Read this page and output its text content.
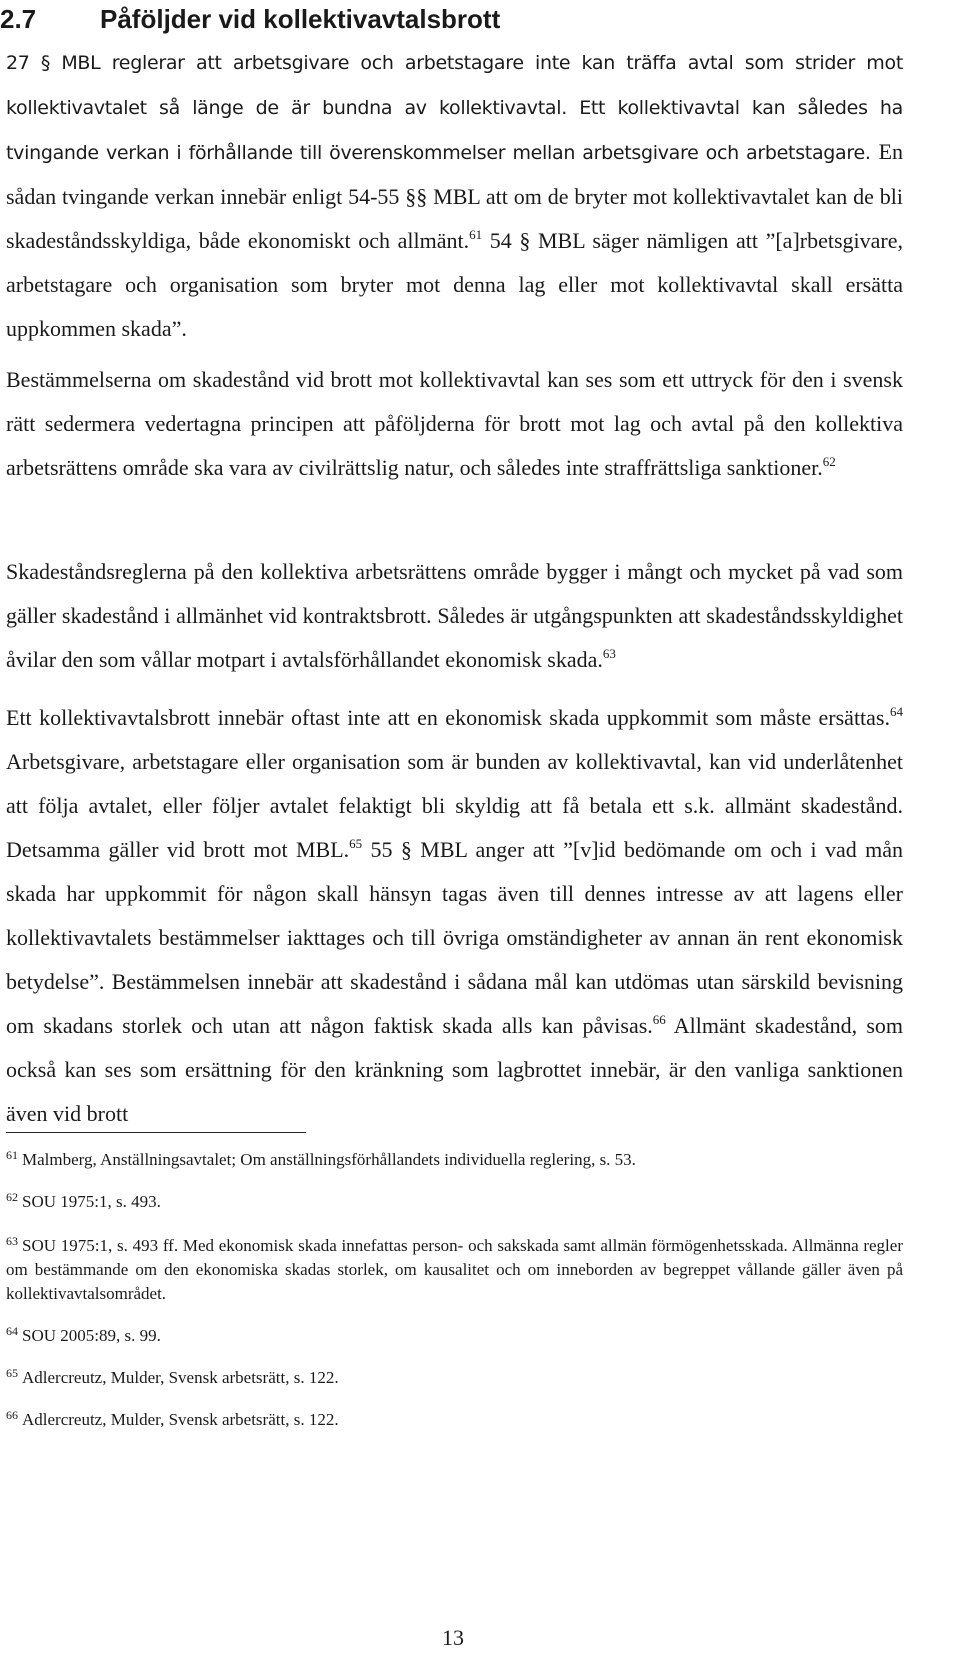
2.7 Påföljder vid kollektivavtalsbrott

27 § MBL reglerar att arbetsgivare och arbetstagare inte kan träffa avtal som strider mot kollektivavtalet så länge de är bundna av kollektivavtal. Ett kollektivavtal kan således ha tvingande verkan i förhållande till överenskommelser mellan arbetsgivare och arbetstagare. En sådan tvingande verkan innebär enligt 54-55 §§ MBL att om de bryter mot kollektivavtalet kan de bli skadeståndsskyldiga, både ekonomiskt och allmänt.$^{61}$ 54 § MBL säger nämligen att ”[a]rbetsgivare, arbetstagare och organisation som bryter mot denna lag eller mot kollektivavtal skall ersätta uppkommen skada”.

Bestämmelserna om skadestånd vid brott mot kollektivavtal kan ses som ett uttryck för den i svensk rätt sedermera vedertagna principen att påföljderna för brott mot lag och avtal på den kollektiva arbetsrättens område ska vara av civilrättslig natur, och således inte straffrättsliga sanktioner.$^{62}$

Skadeståndsreglerna på den kollektiva arbetsrättens område bygger i mångt och mycket på vad som gäller skadestånd i allmänhet vid kontraktsbrott. Således är utgångspunkten att skadeståndsskyldighet åvilar den som vållar motpart i avtalsförhållandet ekonomisk skada.$^{63}$

Ett kollektivavtalsbrott innebär oftast inte att en ekonomisk skada uppkommit som måste ersättas.$^{64}$ Arbetsgivare, arbetstagare eller organisation som är bunden av kollektivavtal, kan vid underlåtenhet att följa avtalet, eller följer avtalet felaktigt bli skyldig att få betala ett s.k. allmänt skadestånd. Detsamma gäller vid brott mot MBL.$^{65}$ 55 § MBL anger att ”[v]id bedömande om och i vad mån skada har uppkommit för någon skall hänsyn tagas även till dennes intresse av att lagens eller kollektivavtalets bestämmelser iakttages och till övriga omständigheter av annan än rent ekonomisk betydelse”. Bestämmelsen innebär att skadestånd i sådana mål kan utdömas utan särskild bevisning om skadans storlek och utan att någon faktisk skada alls kan påvisas.$^{66}$ Allmänt skadestånd, som också kan ses som ersättning för den kränkning som lagbrottet innebär, är den vanliga sanktionen även vid brott

$^{61}$ Malmberg, Anställningsavtalet; Om anställningsförhållandets individuella reglering, s. 53.

$^{62}$ SOU 1975:1, s. 493.

$^{63}$ SOU 1975:1, s. 493 ff. Med ekonomisk skada innefattas person- och sakskada samt allmän förmögenhetsskada. Allmänna regler om bestämmande om den ekonomiska skadas storlek, om kausalitet och om inneborden av begreppet vållande gäller även på kollektivavtalsområdet.

$^{64}$ SOU 2005:89, s. 99.

$^{65}$ Adlercreutz, Mulder, Svensk arbetsrätt, s. 122.

$^{66}$ Adlercreutz, Mulder, Svensk arbetsrätt, s. 122.

13
